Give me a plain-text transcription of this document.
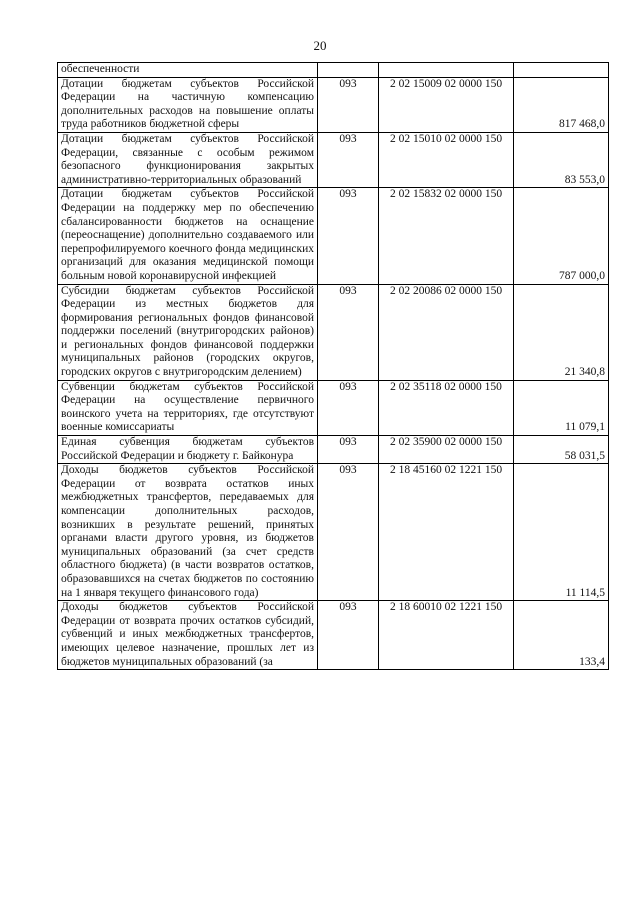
20
обеспеченности			
Дотации бюджетам субъектов Российской Федерации на частичную компенсацию дополнительных расходов на повышение оплаты труда работников бюджетной сферы	093	2 02 15009 02 0000 150	817 468,0
Дотации бюджетам субъектов Российской Федерации, связанные с особым режимом безопасного функционирования закрытых административно-территориальных образований	093	2 02 15010 02 0000 150	83 553,0
Дотации бюджетам субъектов Российской Федерации на поддержку мер по обеспечению сбалансированности бюджетов на оснащение (переоснащение) дополнительно создаваемого или перепрофилируемого коечного фонда медицинских организаций для оказания медицинской помощи больным новой коронавирусной инфекцией	093	2 02 15832 02 0000 150	787 000,0
Субсидии бюджетам субъектов Российской Федерации из местных бюджетов для формирования региональных фондов финансовой поддержки поселений (внутригородских районов) и региональных фондов финансовой поддержки муниципальных районов (городских округов, городских округов с внутригородским делением)	093	2 02 20086 02 0000 150	21 340,8
Субвенции бюджетам субъектов Российской Федерации на осуществление первичного воинского учета на территориях, где отсутствуют военные комиссариаты	093	2 02 35118 02 0000 150	11 079,1
Единая субвенция бюджетам субъектов Российской Федерации и бюджету г. Байконура	093	2 02 35900 02 0000 150	58 031,5
Доходы бюджетов субъектов Российской Федерации от возврата остатков иных межбюджетных трансфертов, передаваемых для компенсации дополнительных расходов, возникших в результате решений, принятых органами власти другого уровня, из бюджетов муниципальных образований (за счет средств областного бюджета) (в части возвратов остатков, образовавшихся на счетах бюджетов по состоянию на 1 января текущего финансового года)	093	2 18 45160 02 1221 150	11 114,5
Доходы бюджетов субъектов Российской Федерации от возврата прочих остатков субсидий, субвенций и иных межбюджетных трансфертов, имеющих целевое назначение, прошлых лет из бюджетов муниципальных образований (за	093	2 18 60010 02 1221 150	133,4
